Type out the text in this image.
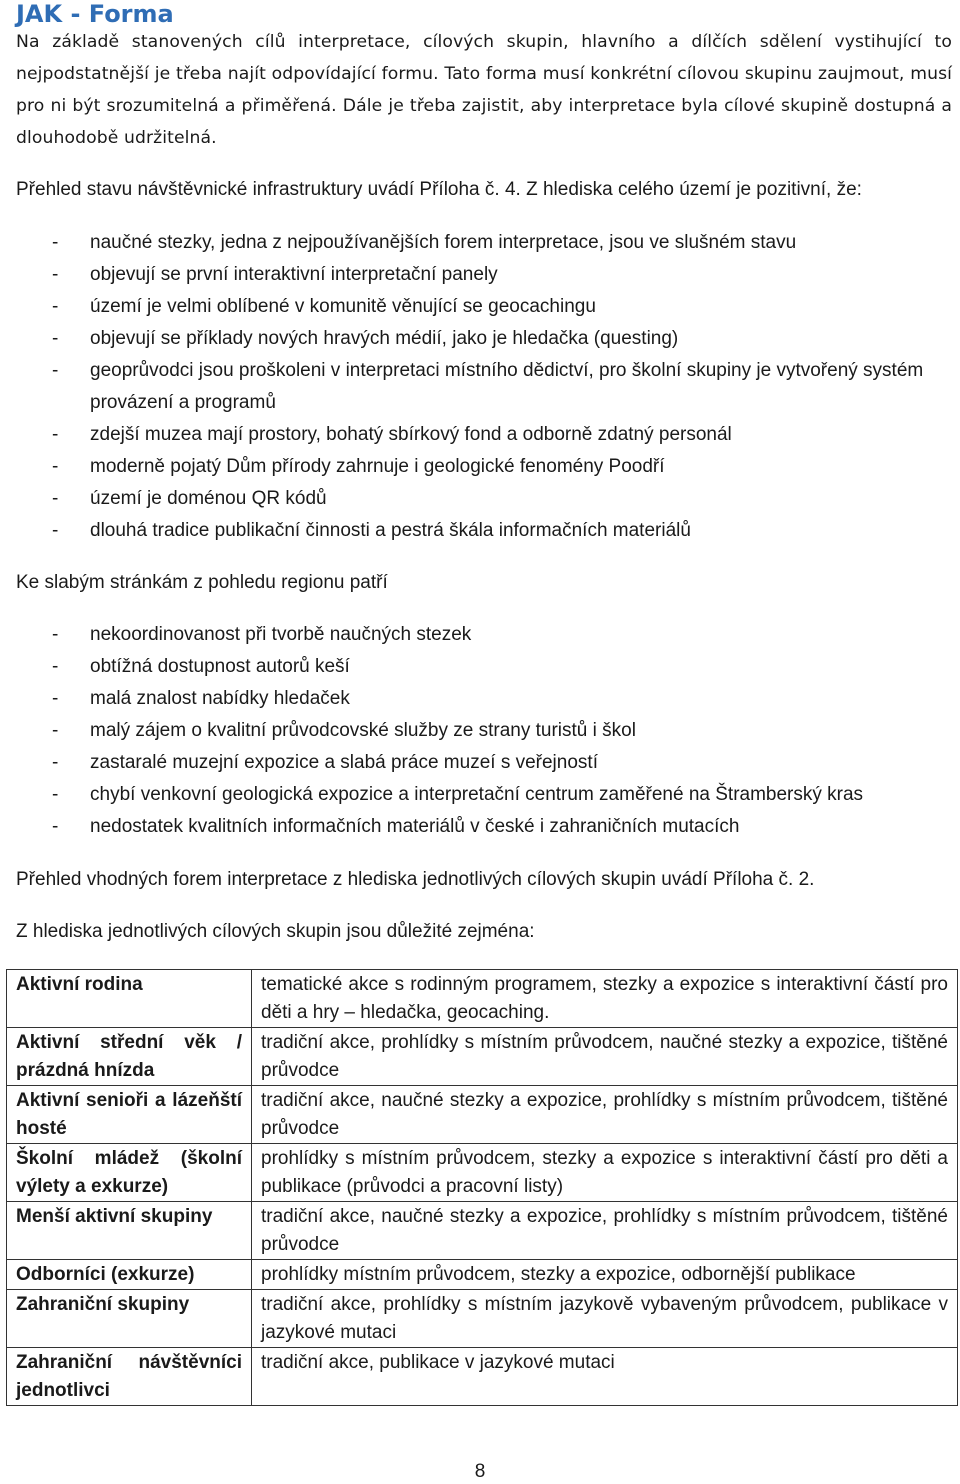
JAK - Forma

Na základě stanovených cílů interpretace, cílových skupin, hlavního a dílčích sdělení vystihující to nejpodstatnější je třeba najít odpovídající formu. Tato forma musí konkrétní cílovou skupinu zaujmout, musí pro ni být srozumitelná a přiměřená. Dále je třeba zajistit, aby interpretace byla cílové skupině dostupná a dlouhodobě udržitelná.

Přehled stavu návštěvnické infrastruktury uvádí Příloha č. 4. Z hlediska celého území je pozitivní, že:

- naučné stezky, jedna z nejpoužívanějších forem interpretace, jsou ve slušném stavu
- objevují se první interaktivní interpretační panely
- území je velmi oblíbené v komunitě věnující se geocachingu
- objevují se příklady nových hravých médií, jako je hledačka (questing)
- geoprůvodci jsou proškoleni v interpretaci místního dědictví, pro školní skupiny je vytvořený systém provázení a programů
- zdejší muzea mají prostory, bohatý sbírkový fond a odborně zdatný personál
- moderně pojatý Dům přírody zahrnuje i geologické fenomény Poodří
- území je doménou QR kódů
- dlouhá tradice publikační činnosti a pestrá škála informačních materiálů

Ke slabým stránkám z pohledu regionu patří

- nekoordinovanost při tvorbě naučných stezek
- obtížná dostupnost autorů keší
- malá znalost nabídky hledaček
- malý zájem o kvalitní průvodcovské služby ze strany turistů i škol
- zastaralé muzejní expozice a slabá práce muzeí s veřejností
- chybí venkovní geologická expozice a interpretační centrum zaměřené na Štramberský kras
- nedostatek kvalitních informačních materiálů v české i zahraničních mutacích

Přehled vhodných forem interpretace z hlediska jednotlivých cílových skupin uvádí Příloha č. 2.

Z hlediska jednotlivých cílových skupin jsou důležité zejména:

Aktivní rodina	tematické akce s rodinným programem, stezky a expozice s interaktivní částí pro děti a hry – hledačka, geocaching.
Aktivní střední věk / prázdná hnízda	tradiční akce, prohlídky s místním průvodcem, naučné stezky a expozice, tištěné průvodce
Aktivní senioři a lázeňští hosté	tradiční akce, naučné stezky a expozice, prohlídky s místním průvodcem, tištěné průvodce
Školní mládež (školní výlety a exkurze)	prohlídky s místním průvodcem, stezky a expozice s interaktivní částí pro děti a publikace (průvodci a pracovní listy)
Menší aktivní skupiny	tradiční akce, naučné stezky a expozice, prohlídky s místním průvodcem, tištěné průvodce
Odborníci (exkurze)	prohlídky místním průvodcem, stezky a expozice, odbornější publikace
Zahraniční skupiny	tradiční akce, prohlídky s místním jazykově vybaveným průvodcem, publikace v jazykové mutaci
Zahraniční návštěvníci jednotlivci	tradiční akce, publikace v jazykové mutaci
8
